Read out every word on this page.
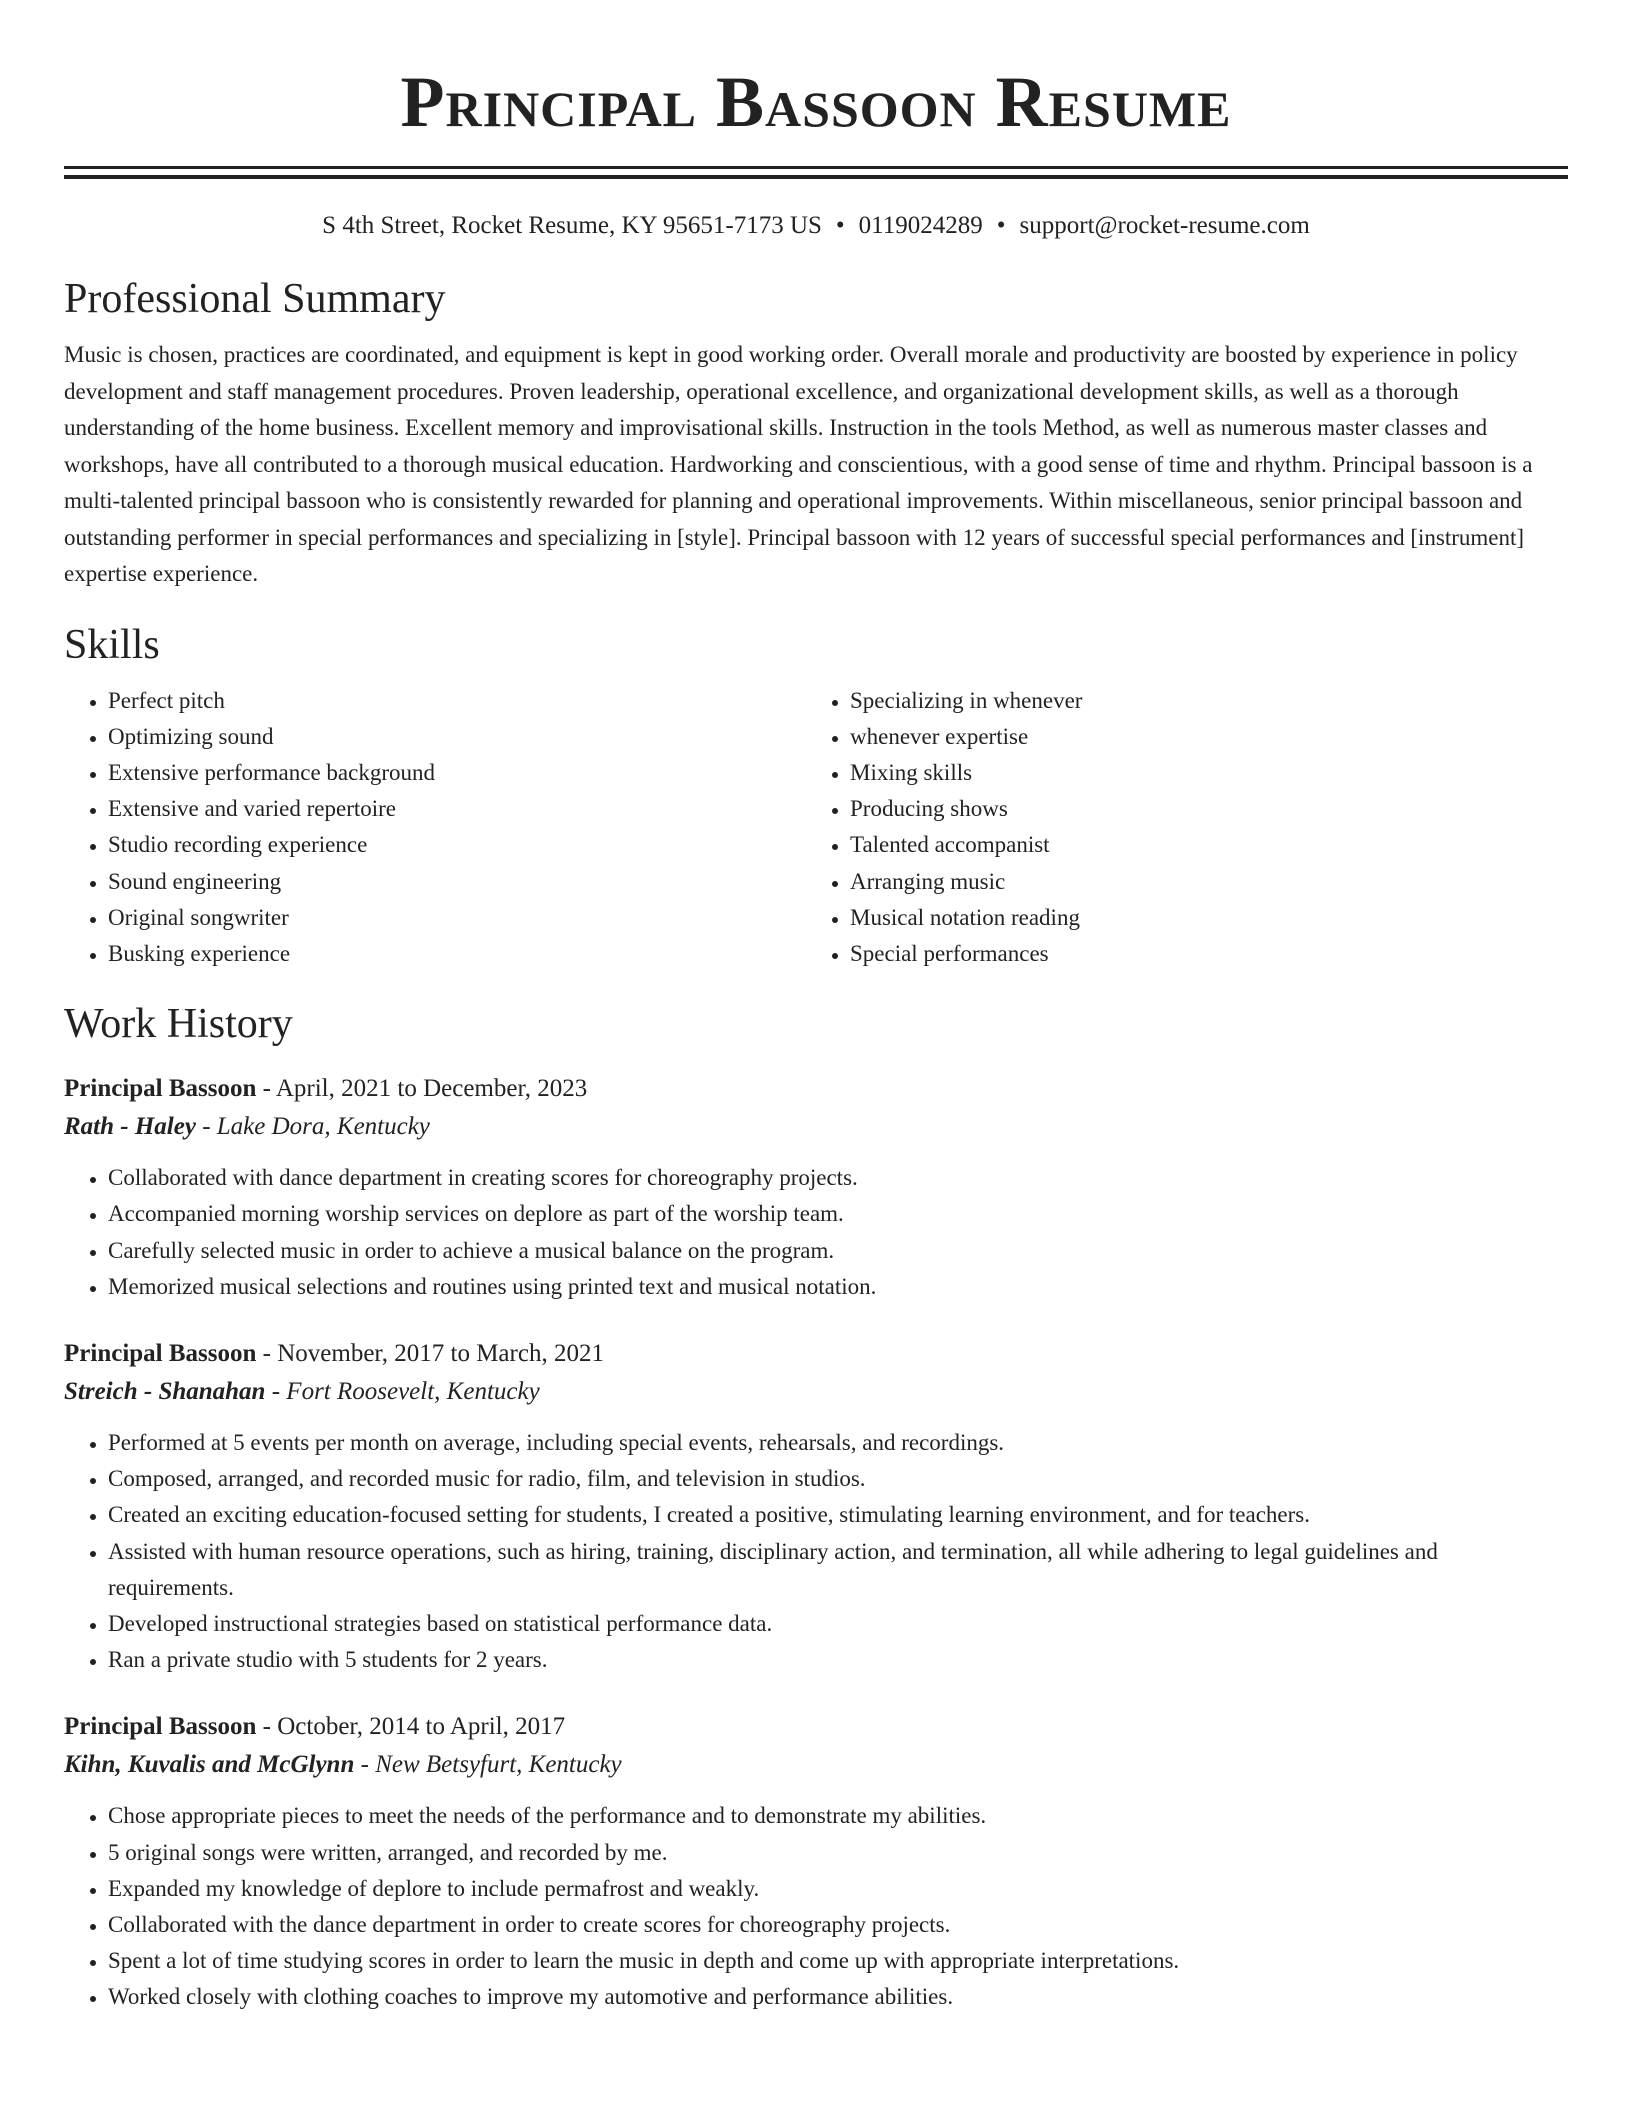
Principal Bassoon Resume
S 4th Street, Rocket Resume, KY 95651-7173 US • 0119024289 • support@rocket-resume.com
Professional Summary

Music is chosen, practices are coordinated, and equipment is kept in good working order. Overall morale and productivity are boosted by experience in policy development and staff management procedures. Proven leadership, operational excellence, and organizational development skills, as well as a thorough understanding of the home business. Excellent memory and improvisational skills. Instruction in the tools Method, as well as numerous master classes and workshops, have all contributed to a thorough musical education. Hardworking and conscientious, with a good sense of time and rhythm. Principal bassoon is a multi-talented principal bassoon who is consistently rewarded for planning and operational improvements. Within miscellaneous, senior principal bassoon and outstanding performer in special performances and specializing in [style]. Principal bassoon with 12 years of successful special performances and [instrument] expertise experience.

Skills
• Perfect pitch
• Optimizing sound
• Extensive performance background
• Extensive and varied repertoire
• Studio recording experience
• Sound engineering
• Original songwriter
• Busking experience
• Specializing in whenever
• whenever expertise
• Mixing skills
• Producing shows
• Talented accompanist
• Arranging music
• Musical notation reading
• Special performances
Work History
Principal Bassoon - April, 2021 to December, 2023
Rath - Haley - Lake Dora, Kentucky
• Collaborated with dance department in creating scores for choreography projects.
• Accompanied morning worship services on deplore as part of the worship team.
• Carefully selected music in order to achieve a musical balance on the program.
• Memorized musical selections and routines using printed text and musical notation.
Principal Bassoon - November, 2017 to March, 2021
Streich - Shanahan - Fort Roosevelt, Kentucky
• Performed at 5 events per month on average, including special events, rehearsals, and recordings.
• Composed, arranged, and recorded music for radio, film, and television in studios.
• Created an exciting education-focused setting for students, I created a positive, stimulating learning environment, and for teachers.
• Assisted with human resource operations, such as hiring, training, disciplinary action, and termination, all while adhering to legal guidelines and requirements.
• Developed instructional strategies based on statistical performance data.
• Ran a private studio with 5 students for 2 years.
Principal Bassoon - October, 2014 to April, 2017
Kihn, Kuvalis and McGlynn - New Betsyfurt, Kentucky
• Chose appropriate pieces to meet the needs of the performance and to demonstrate my abilities.
• 5 original songs were written, arranged, and recorded by me.
• Expanded my knowledge of deplore to include permafrost and weakly.
• Collaborated with the dance department in order to create scores for choreography projects.
• Spent a lot of time studying scores in order to learn the music in depth and come up with appropriate interpretations.
• Worked closely with clothing coaches to improve my automotive and performance abilities.
